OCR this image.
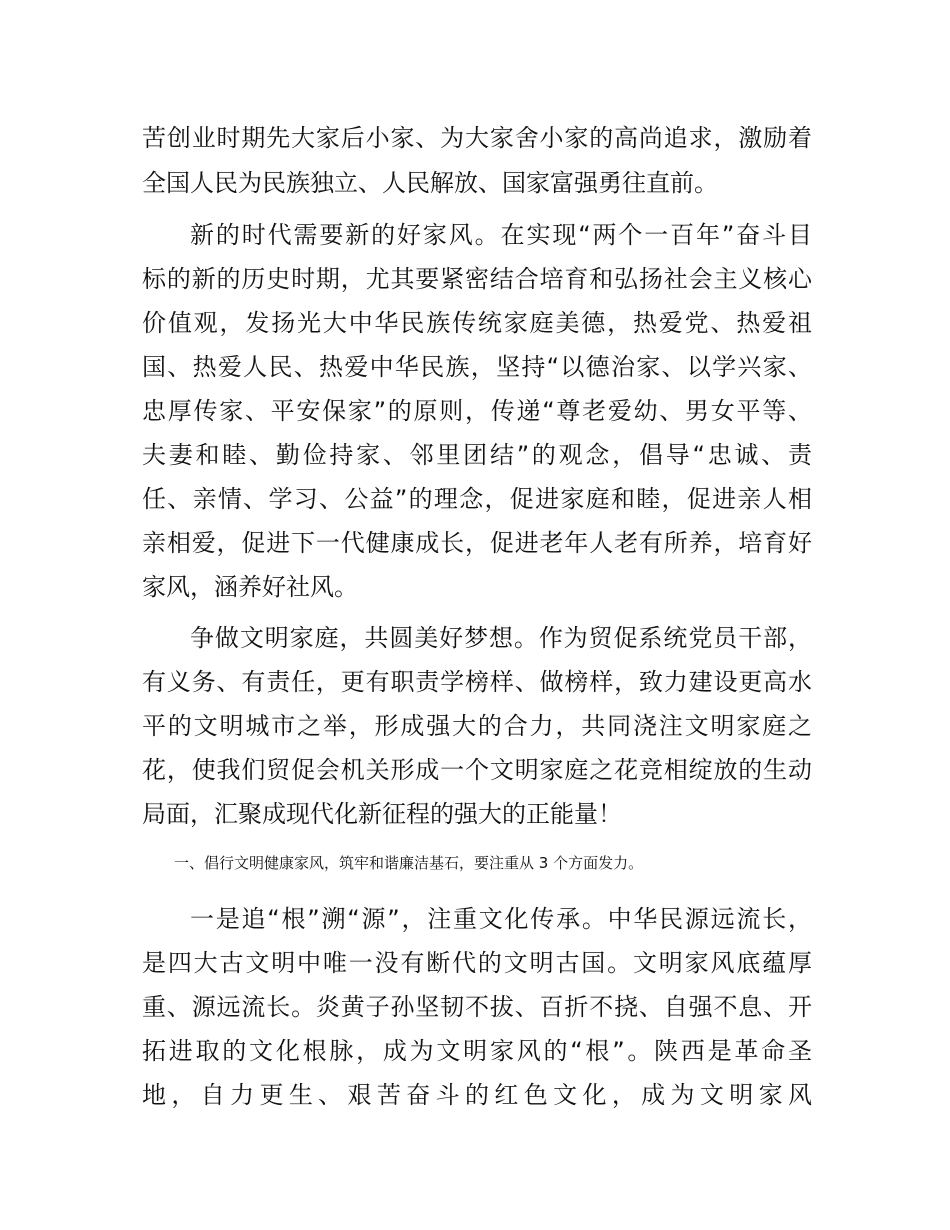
苦创业时期先大家后小家、为大家舍小家的高尚追求，激励着
全国人民为民族独立、人民解放、国家富强勇往直前。
新的时代需要新的好家风。在实现“两个一百年”奋斗目
标的新的历史时期，尤其要紧密结合培育和弘扬社会主义核心
价值观，发扬光大中华民族传统家庭美德，热爱党、热爱祖
国、热爱人民、热爱中华民族，坚持“以德治家、以学兴家、
忠厚传家、平安保家”的原则，传递“尊老爱幼、男女平等、
夫妻和睦、勤俭持家、邻里团结”的观念，倡导“忠诚、责
任、亲情、学习、公益”的理念，促进家庭和睦，促进亲人相
亲相爱，促进下一代健康成长，促进老年人老有所养，培育好
家风，涵养好社风。
争做文明家庭，共圆美好梦想。作为贸促系统党员干部，
有义务、有责任，更有职责学榜样、做榜样，致力建设更高水
平的文明城市之举，形成强大的合力，共同浇注文明家庭之
花，使我们贸促会机关形成一个文明家庭之花竞相绽放的生动
局面，汇聚成现代化新征程的强大的正能量！
一、倡行文明健康家风，筑牢和谐廉洁基石，要注重从 3 个方面发力。
一是追“根”溯“源”，注重文化传承。中华民源远流长，
是四大古文明中唯一没有断代的文明古国。文明家风底蕴厚
重、源远流长。炎黄子孙坚韧不拔、百折不挠、自强不息、开
拓进取的文化根脉，成为文明家风的“根”。陕西是革命圣
地，自力更生、艰苦奋斗的红色文化，成为文明家风
